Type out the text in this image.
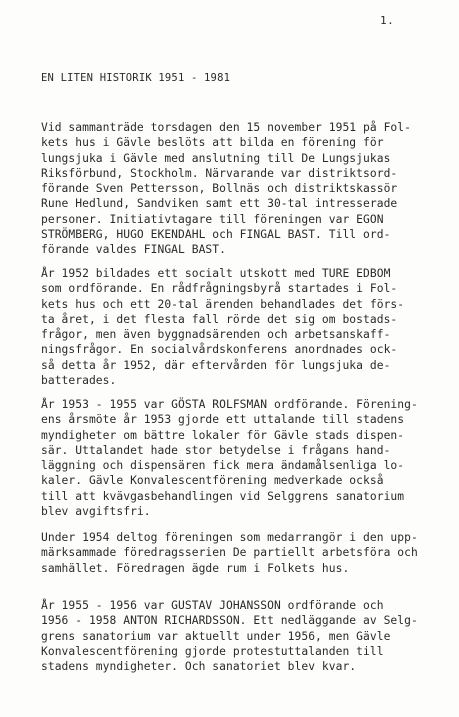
1.
EN LITEN HISTORIK 1951 - 1981
Vid sammanträde torsdagen den 15 november 1951 på Fol-
kets hus i Gävle beslöts att bilda en förening för
lungsjuka i Gävle med anslutning till De Lungsjukas
Riksförbund, Stockholm. Närvarande var distriktsord-
förande Sven Pettersson, Bollnäs och distriktskassör
Rune Hedlund, Sandviken samt ett 30-tal intresserade
personer. Initiativtagare till föreningen var EGON
STRÖMBERG, HUGO EKENDAHL och FINGAL BAST. Till ord-
förande valdes FINGAL BAST.
År 1952 bildades ett socialt utskott med TURE EDBOM
som ordförande. En rådfrågningsbyrå startades i Fol-
kets hus och ett 20-tal ärenden behandlades det förs-
ta året, i det flesta fall rörde det sig om bostads-
frågor, men även byggnadsärenden och arbetsanskaff-
ningsfrågor. En socialvårdskonferens anordnades ock-
så detta år 1952, där eftervården för lungsjuka de-
batterades.
År 1953 - 1955 var GÖSTA ROLFSMAN ordförande. Förening-
ens årsmöte år 1953 gjorde ett uttalande till stadens
myndigheter om bättre lokaler för Gävle stads dispen-
sär. Uttalandet hade stor betydelse i frågans hand-
läggning och dispensären fick mera ändamålsenliga lo-
kaler. Gävle Konvalescentförening medverkade också
till att kvävgasbehandlingen vid Selggrens sanatorium
blev avgiftsfri.
Under 1954 deltog föreningen som medarrangör i den upp-
märksammade föredragsserien De partiellt arbetsföra och
samhället. Föredragen ägde rum i Folkets hus.
År 1955 - 1956 var GUSTAV JOHANSSON ordförande och
1956 - 1958 ANTON RICHARDSSON. Ett nedläggande av Selg-
grens sanatorium var aktuellt under 1956, men Gävle
Konvalescentförening gjorde protestuttalanden till
stadens myndigheter. Och sanatoriet blev kvar.
